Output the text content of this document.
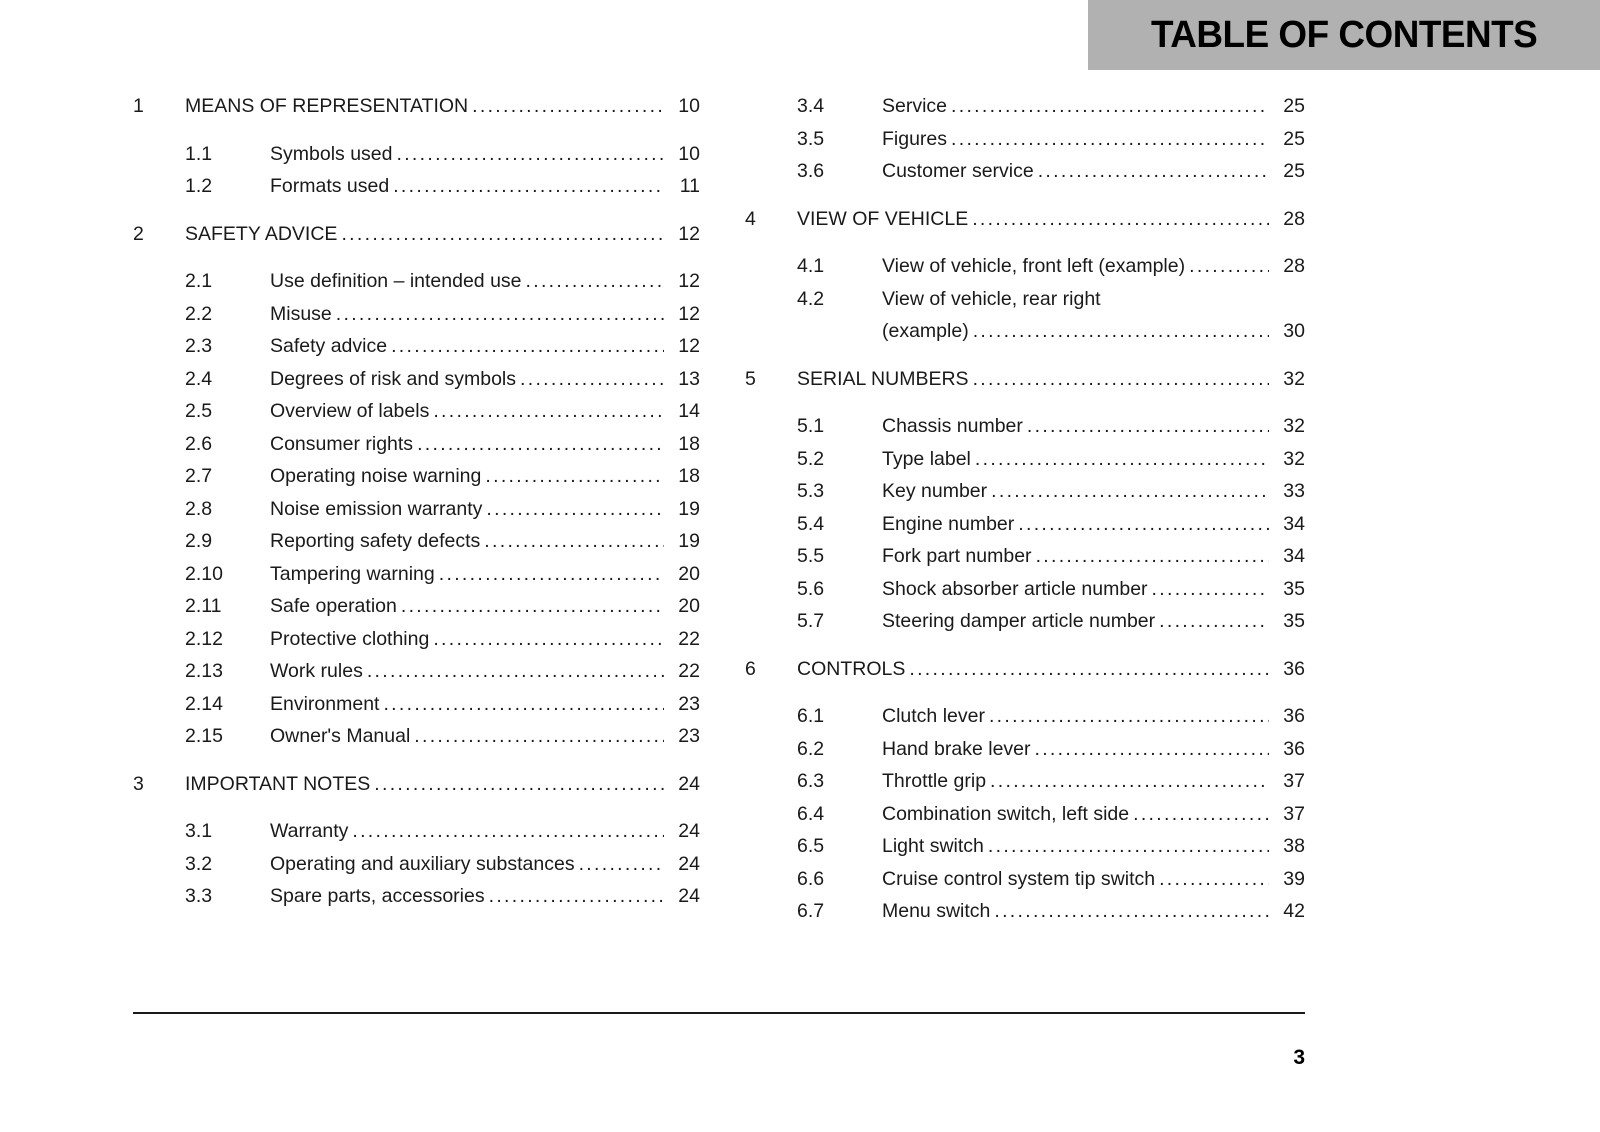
TABLE OF CONTENTS
1	MEANS OF REPRESENTATION .....	10
1.1	Symbols used .....	10
1.2	Formats used .....	11
2	SAFETY ADVICE .....	12
2.1	Use definition – intended use .....	12
2.2	Misuse .....	12
2.3	Safety advice .....	12
2.4	Degrees of risk and symbols .....	13
2.5	Overview of labels .....	14
2.6	Consumer rights .....	18
2.7	Operating noise warning .....	18
2.8	Noise emission warranty .....	19
2.9	Reporting safety defects .....	19
2.10	Tampering warning .....	20
2.11	Safe operation .....	20
2.12	Protective clothing .....	22
2.13	Work rules .....	22
2.14	Environment .....	23
2.15	Owner's Manual .....	23
3	IMPORTANT NOTES .....	24
3.1	Warranty .....	24
3.2	Operating and auxiliary substances .....	24
3.3	Spare parts, accessories .....	24
3.4	Service .....	25
3.5	Figures .....	25
3.6	Customer service .....	25
4	VIEW OF VEHICLE .....	28
4.1	View of vehicle, front left (example) .....	28
4.2	View of vehicle, rear right
(example) .....	30
5	SERIAL NUMBERS .....	32
5.1	Chassis number .....	32
5.2	Type label .....	32
5.3	Key number .....	33
5.4	Engine number .....	34
5.5	Fork part number .....	34
5.6	Shock absorber article number .....	35
5.7	Steering damper article number .....	35
6	CONTROLS .....	36
6.1	Clutch lever .....	36
6.2	Hand brake lever .....	36
6.3	Throttle grip .....	37
6.4	Combination switch, left side .....	37
6.5	Light switch .....	38
6.6	Cruise control system tip switch .....	39
6.7	Menu switch .....	42
3
